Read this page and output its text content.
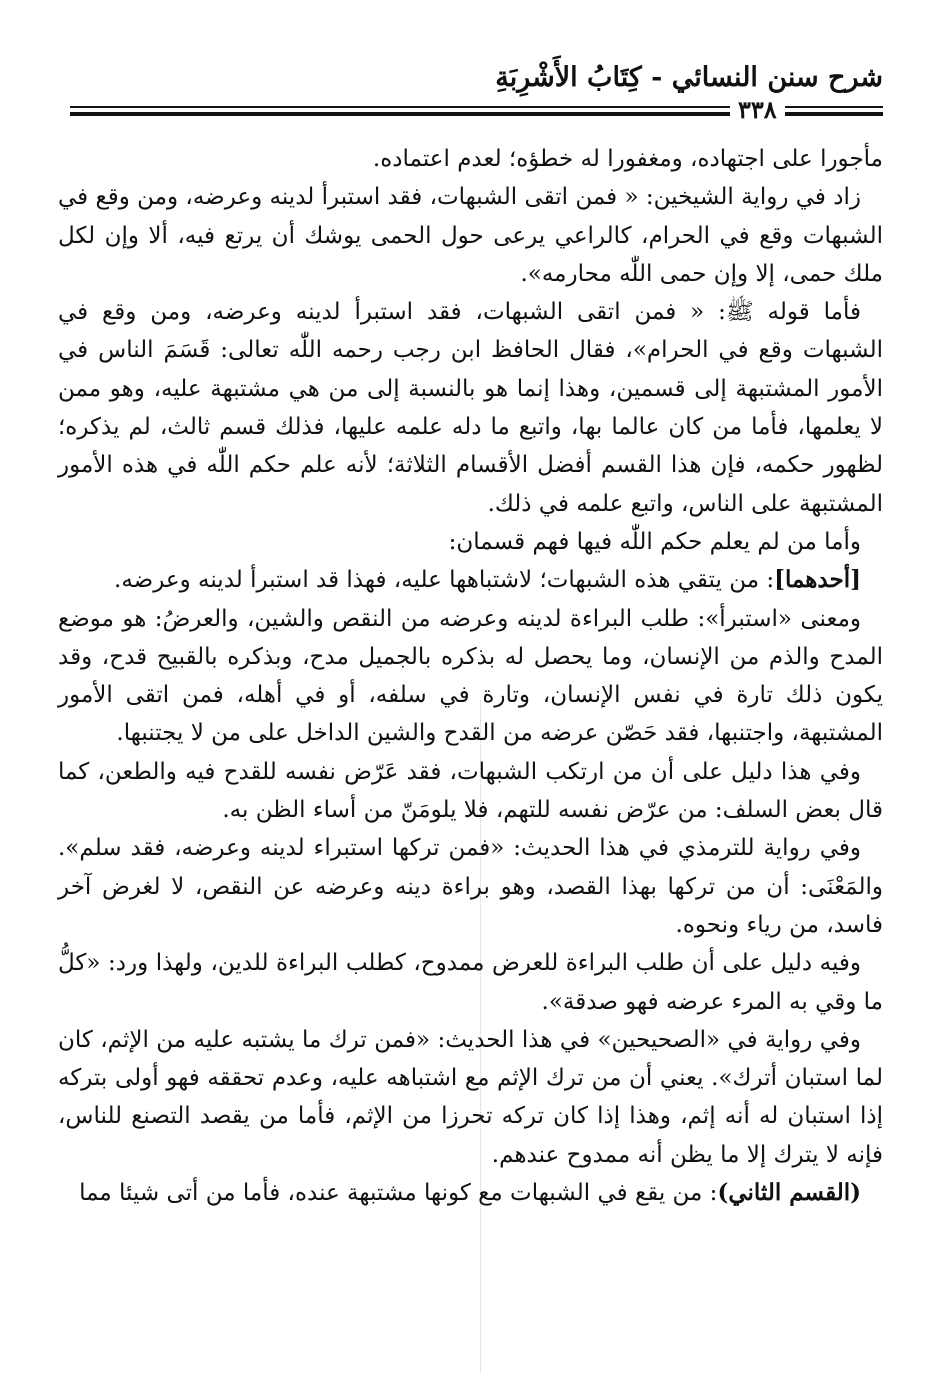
شرح سنن النسائي - كِتَابُ الأَشْرِبَةِ
٣٣٨

مأجورا على اجتهاده، ومغفورا له خطؤه؛ لعدم اعتماده.

زاد في رواية الشيخين: « فمن اتقى الشبهات، فقد استبرأ لدينه وعرضه، ومن وقع في الشبهات وقع في الحرام، كالراعي يرعى حول الحمى يوشك أن يرتع فيه، ألا وإن لكل ملك حمى، إلا وإن حمى اللّٰه محارمه».

فأما قوله ﷺ: « فمن اتقى الشبهات، فقد استبرأ لدينه وعرضه، ومن وقع في الشبهات وقع في الحرام»، فقال الحافظ ابن رجب رحمه اللّٰه تعالى: قَسَمَ الناس في الأمور المشتبهة إلى قسمين، وهذا إنما هو بالنسبة إلى من هي مشتبهة عليه، وهو ممن لا يعلمها، فأما من كان عالما بها، واتبع ما دله علمه عليها، فذلك قسم ثالث، لم يذكره؛ لظهور حكمه، فإن هذا القسم أفضل الأقسام الثلاثة؛ لأنه علم حكم اللّٰه في هذه الأمور المشتبهة على الناس، واتبع علمه في ذلك.

وأما من لم يعلم حكم اللّٰه فيها فهم قسمان:

[أحدهما]: من يتقي هذه الشبهات؛ لاشتباهها عليه، فهذا قد استبرأ لدينه وعرضه.

ومعنى «استبرأ»: طلب البراءة لدينه وعرضه من النقص والشين، والعرضُ: هو موضع المدح والذم من الإنسان، وما يحصل له بذكره بالجميل مدح، وبذكره بالقبيح قدح، وقد يكون ذلك تارة في نفس الإنسان، وتارة في سلفه، أو في أهله، فمن اتقى الأمور المشتبهة، واجتنبها، فقد حَصّن عرضه من القدح والشين الداخل على من لا يجتنبها.

وفي هذا دليل على أن من ارتكب الشبهات، فقد عَرّض نفسه للقدح فيه والطعن، كما قال بعض السلف: من عرّض نفسه للتهم، فلا يلومَنّ من أساء الظن به.

وفي رواية للترمذي في هذا الحديث: «فمن تركها استبراء لدينه وعرضه، فقد سلم». والمَعْنَى: أن من تركها بهذا القصد، وهو براءة دينه وعرضه عن النقص، لا لغرض آخر فاسد، من رياء ونحوه.

وفيه دليل على أن طلب البراءة للعرض ممدوح، كطلب البراءة للدين، ولهذا ورد: «كلُّ ما وقي به المرء عرضه فهو صدقة».

وفي رواية في «الصحيحين» في هذا الحديث: «فمن ترك ما يشتبه عليه من الإثم، كان لما استبان أترك». يعني أن من ترك الإثم مع اشتباهه عليه، وعدم تحققه فهو أولى بتركه إذا استبان له أنه إثم، وهذا إذا كان تركه تحرزا من الإثم، فأما من يقصد التصنع للناس، فإنه لا يترك إلا ما يظن أنه ممدوح عندهم.

(القسم الثاني): من يقع في الشبهات مع كونها مشتبهة عنده، فأما من أتى شيئا مما
